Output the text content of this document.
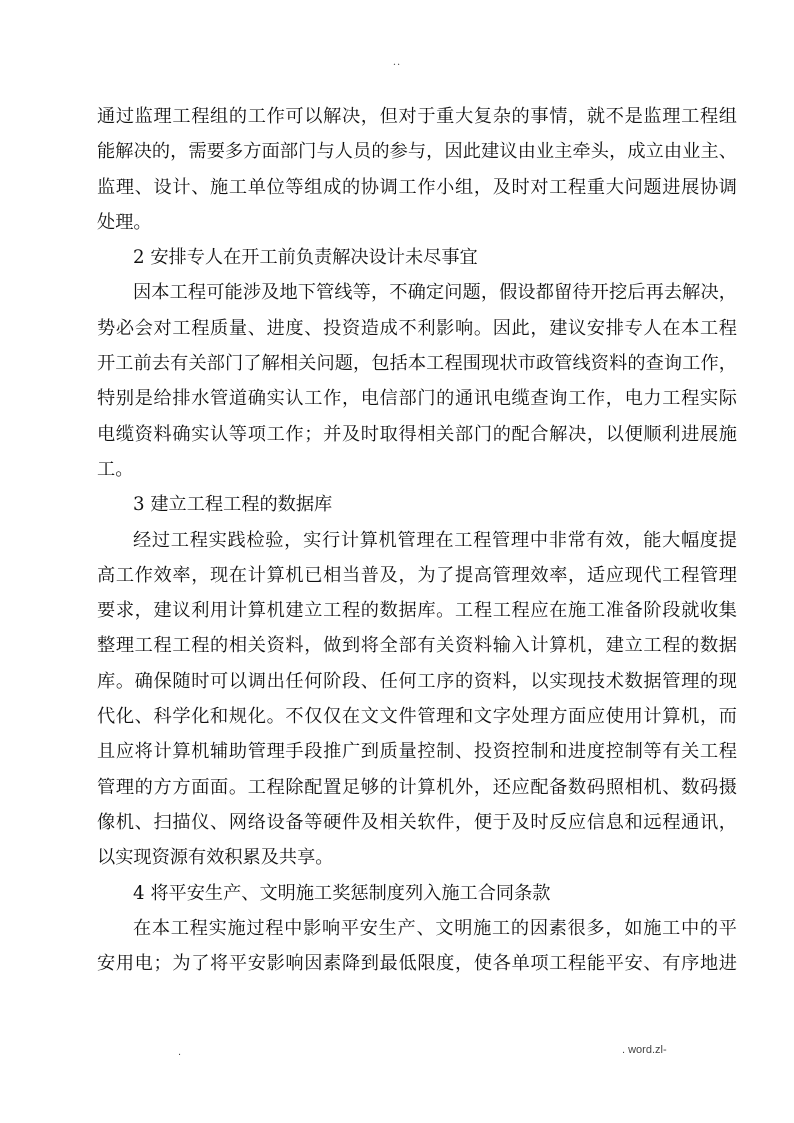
..
通过监理工程组的工作可以解决，但对于重大复杂的事情，就不是监理工程组
能解决的，需要多方面部门与人员的参与，因此建议由业主牵头，成立由业主、
监理、设计、施工单位等组成的协调工作小组，及时对工程重大问题进展协调
处理。
2 安排专人在开工前负责解决设计未尽事宜
因本工程可能涉及地下管线等，不确定问题，假设都留待开挖后再去解决，
势必会对工程质量、进度、投资造成不利影响。因此，建议安排专人在本工程
开工前去有关部门了解相关问题，包括本工程围现状市政管线资料的查询工作，
特别是给排水管道确实认工作，电信部门的通讯电缆查询工作，电力工程实际
电缆资料确实认等项工作；并及时取得相关部门的配合解决，以便顺利进展施
工。
3 建立工程工程的数据库
经过工程实践检验，实行计算机管理在工程管理中非常有效，能大幅度提
高工作效率，现在计算机已相当普及，为了提高管理效率，适应现代工程管理
要求，建议利用计算机建立工程的数据库。工程工程应在施工准备阶段就收集
整理工程工程的相关资料，做到将全部有关资料输入计算机，建立工程的数据
库。确保随时可以调出任何阶段、任何工序的资料，以实现技术数据管理的现
代化、科学化和规化。不仅仅在文文件管理和文字处理方面应使用计算机，而
且应将计算机辅助管理手段推广到质量控制、投资控制和进度控制等有关工程
管理的方方面面。工程除配置足够的计算机外，还应配备数码照相机、数码摄
像机、扫描仪、网络设备等硬件及相关软件，便于及时反应信息和远程通讯，
以实现资源有效积累及共享。
4 将平安生产、文明施工奖惩制度列入施工合同条款
在本工程实施过程中影响平安生产、文明施工的因素很多，如施工中的平
安用电；为了将平安影响因素降到最低限度，使各单项工程能平安、有序地进
.	. word.zl-
